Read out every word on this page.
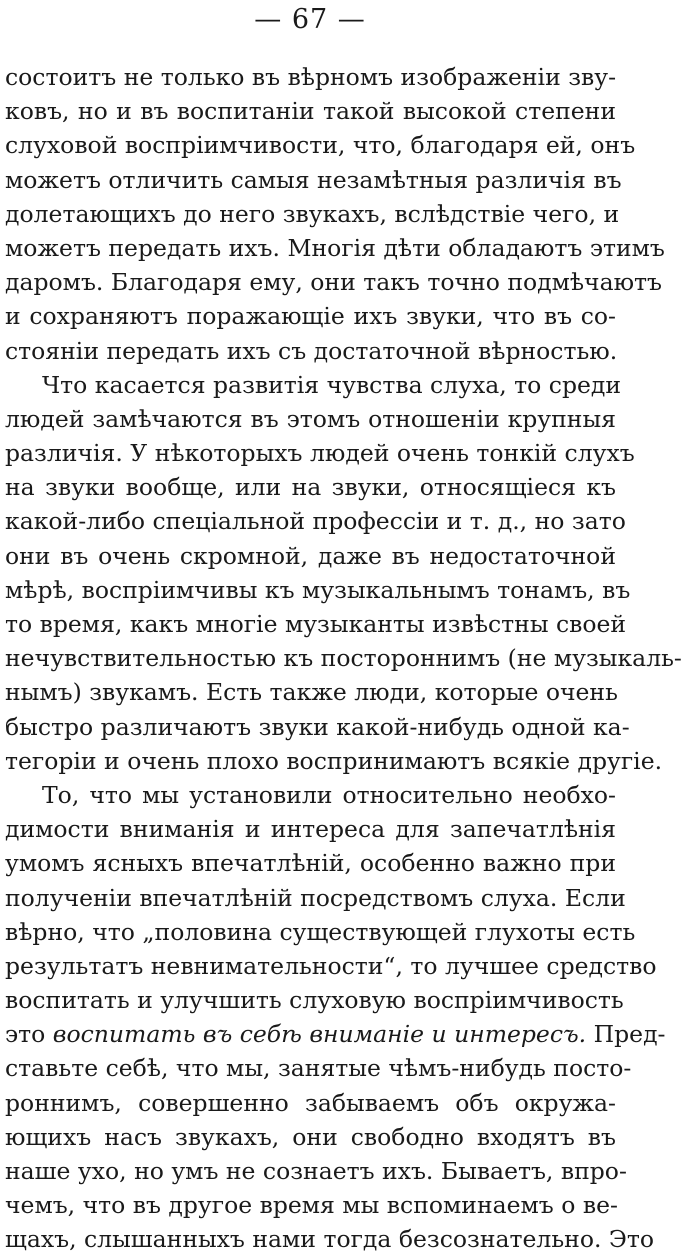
— 67 —
состоитъ не только въ вѣрномъ изображенiи зву-
ковъ, но и въ воспитанiи такой высокой степени
слуховой воспрiимчивости, что, благодаря ей, онъ
можетъ отличить самыя незамѣтныя различiя въ
долетающихъ до него звукахъ, вслѣдствiе чего, и
можетъ передать ихъ. Многiя дѣти обладаютъ этимъ
даромъ. Благодаря ему, они такъ точно подмѣчаютъ
и сохраняютъ поражающiе ихъ звуки, что въ со-
стоянiи передать ихъ съ достаточной вѣрностью.
Что касается развитiя чувства слуха, то среди
людей замѣчаются въ этомъ отношенiи крупныя
различiя. У нѣкоторыхъ людей очень тонкiй слухъ
на звуки вообще, или на звуки, относящiеся къ
какой-либо спецiальной профессiи и т. д., но зато
они въ очень скромной, даже въ недостаточной
мѣрѣ, воспрiимчивы къ музыкальнымъ тонамъ, въ
то время, какъ многiе музыканты извѣстны своей
нечувствительностью къ постороннимъ (не музыкаль-
нымъ) звукамъ. Есть также люди, которые очень
быстро различаютъ звуки какой-нибудь одной ка-
тегорiи и очень плохо воспринимаютъ всякiе другiе.
То, что мы установили относительно необхо-
димости вниманiя и интереса для запечатлѣнiя
умомъ ясныхъ впечатлѣнiй, особенно важно при
полученiи впечатлѣнiй посредствомъ слуха. Если
вѣрно, что „половина существующей глухоты есть
результатъ невнимательности“, то лучшее средство
воспитать и улучшить слуховую воспрiимчивость
это воспитать въ себѣ вниманiе и интересъ. Пред-
ставьте себѣ, что мы, занятые чѣмъ-нибудь посто-
роннимъ, совершенно забываемъ объ окружа-
ющихъ насъ звукахъ, они свободно входятъ въ
наше ухо, но умъ не сознаетъ ихъ. Бываетъ, впро-
чемъ, что въ другое время мы вспоминаемъ о ве-
щахъ, слышанныхъ нами тогда безсознательно. Это
